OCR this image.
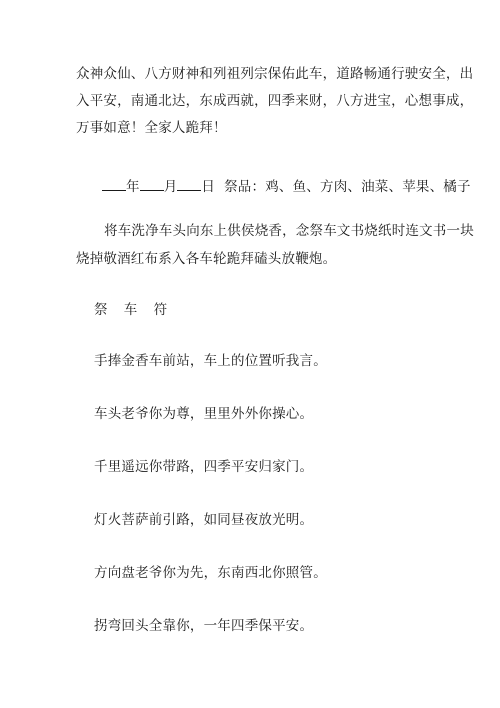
众神众仙、八方财神和列祖列宗保佑此车，道路畅通行驶安全，出
入平安，南通北达，东成西就，四季来财，八方进宝，心想事成，
万事如意！全家人跪拜！
年 月 日 祭品：鸡、鱼、方肉、油菜、苹果、橘子
将车洗净车头向东上供侯烧香，念祭车文书烧纸时连文书一块
烧掉敬酒红布系入各车轮跪拜磕头放鞭炮。
祭 车 符
手捧金香车前站，车上的位置听我言。
车头老爷你为尊，里里外外你操心。
千里遥远你带路，四季平安归家门。
灯火菩萨前引路，如同昼夜放光明。
方向盘老爷你为先，东南西北你照管。
拐弯回头全靠你，一年四季保平安。
